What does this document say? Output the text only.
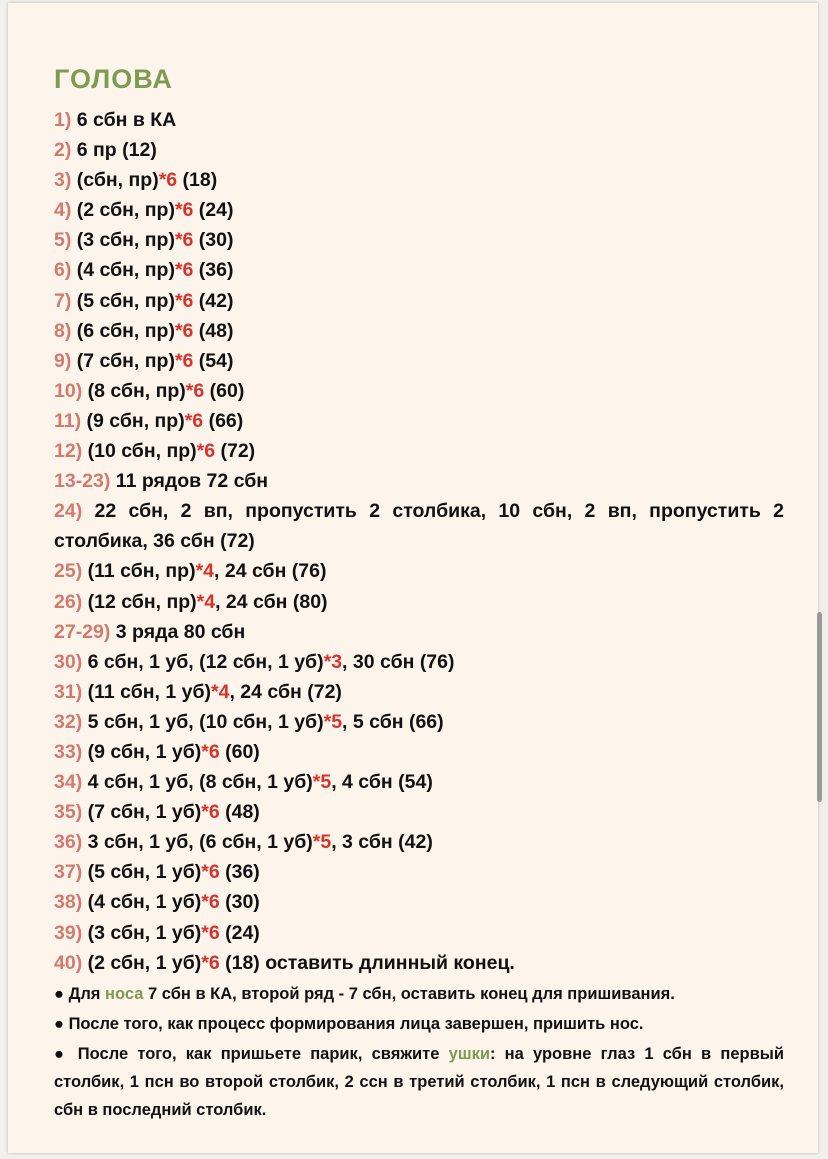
ГОЛОВА
1) 6 сбн в КА
2) 6 пр (12)
3) (сбн, пр)*6 (18)
4) (2 сбн, пр)*6 (24)
5) (3 сбн, пр)*6 (30)
6) (4 сбн, пр)*6 (36)
7) (5 сбн, пр)*6 (42)
8) (6 сбн, пр)*6 (48)
9) (7 сбн, пр)*6 (54)
10) (8 сбн, пр)*6 (60)
11) (9 сбн, пр)*6 (66)
12) (10 сбн, пр)*6 (72)
13-23) 11 рядов 72 сбн
24) 22 сбн, 2 вп, пропустить 2 столбика, 10 сбн, 2 вп, пропустить 2 столбика, 36 сбн (72)
25) (11 сбн, пр)*4, 24 сбн (76)
26) (12 сбн, пр)*4, 24 сбн (80)
27-29) 3 ряда 80 сбн
30) 6 сбн, 1 уб, (12 сбн, 1 уб)*3, 30 сбн (76)
31) (11 сбн, 1 уб)*4, 24 сбн (72)
32) 5 сбн, 1 уб, (10 сбн, 1 уб)*5, 5 сбн (66)
33) (9 сбн, 1 уб)*6 (60)
34) 4 сбн, 1 уб, (8 сбн, 1 уб)*5, 4 сбн (54)
35) (7 сбн, 1 уб)*6 (48)
36) 3 сбн, 1 уб, (6 сбн, 1 уб)*5, 3 сбн (42)
37) (5 сбн, 1 уб)*6 (36)
38) (4 сбн, 1 уб)*6 (30)
39) (3 сбн, 1 уб)*6 (24)
40) (2 сбн, 1 уб)*6 (18) оставить длинный конец.
● Для носа 7 сбн в КА, второй ряд - 7 сбн, оставить конец для пришивания.
● После того, как процесс формирования лица завершен, пришить нос.
● После того, как пришьете парик, свяжите ушки: на уровне глаз 1 сбн в первый столбик, 1 псн во второй столбик, 2 ссн в третий столбик, 1 псн в следующий столбик, сбн в последний столбик.
